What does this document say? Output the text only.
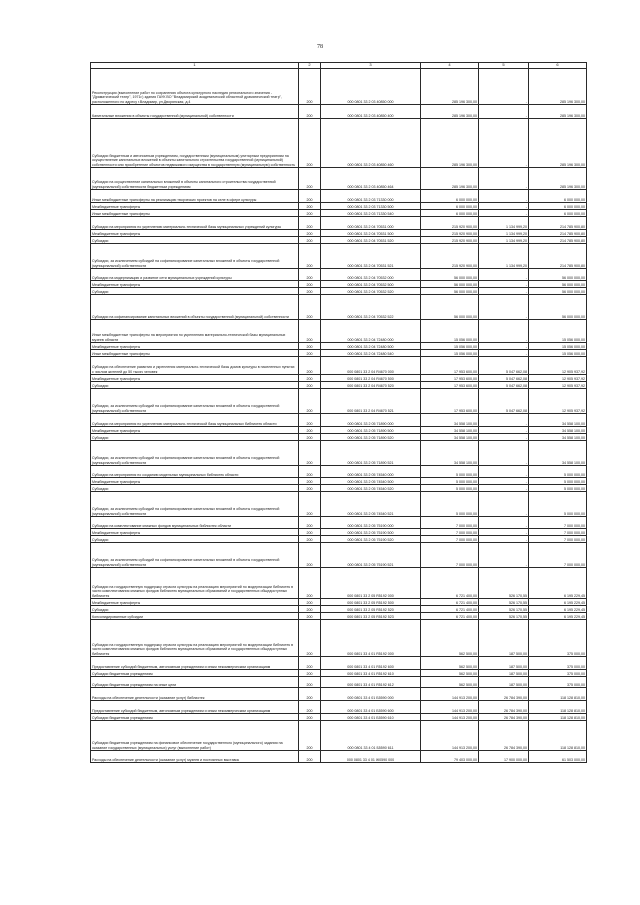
78
1	2	3	4	5	6
Реконструкция (выполнение работ по сохранению объекта культурного наследия регионального значения - "Драматический театр", 1971г.) здания ГАУК ВО "Владимирский академический областной драматический театр", расположенного по адресу г.Владимир, ул.Дворянская, д.4	200	000 0801 33 2 03 40850 000	285 196 300,00	-	285 196 300,00
Капитальные вложения в объекты государственной (муниципальной) собственности	200	000 0801 33 2 03 40850 400	285 196 300,00	-	285 196 300,00
Субсидии бюджетным и автономным учреждениям, государственным (муниципальным) унитарным предприятиям на осуществление капитальных вложений в объекты капитального строительства государственной (муниципальной) собственности или приобретение объектов недвижимого имущества в государственную (муниципальную) собственность	200	000 0801 33 2 03 40850 460	285 196 300,00	-	285 196 300,00
Субсидии на осуществление капитальных вложений в объекты капитального строительства государственной (муниципальной) собственности бюджетным учреждениям	200	000 0801 33 2 03 40850 464	285 196 300,00	-	285 196 300,00
Иные межбюджетные трансферты на реализацию творческих проектов на селе в сфере культуры	200	000 0801 33 2 03 71330 000	6 000 000,00	-	6 000 000,00
Межбюджетные трансферты	200	000 0801 33 2 03 71330 500	6 000 000,00	-	6 000 000,00
Иные межбюджетные трансферты	200	000 0801 33 2 03 71330 540	6 000 000,00	-	6 000 000,00
Субсидии на мероприятия по укреплению материально-технической базы муниципальных учреждений культуры	200	000 0801 33 2 04 70531 000	215 920 900,00	1 134 999,20	214 785 900,80
Межбюджетные трансферты	200	000 0801 33 2 04 70531 500	215 920 900,00	1 134 999,20	214 785 900,80
Субсидии	200	000 0801 33 2 04 70531 520	215 920 900,00	1 134 999,20	214 785 900,80
Субсидии, за исключением субсидий на софинансирование капитальных вложений в объекты государственной (муниципальной) собственности	200	000 0801 33 2 04 70531 521	215 920 900,00	1 134 999,20	214 785 900,80
Субсидии на модернизацию и развитие сети муниципальных учреждений культуры	200	000 0801 33 2 04 70532 000	56 000 000,00	-	56 000 000,00
Межбюджетные трансферты	200	000 0801 33 2 04 70532 500	56 000 000,00	-	56 000 000,00
Субсидии	200	000 0801 33 2 04 70532 520	56 000 000,00	-	56 000 000,00
Субсидии на софинансирование капитальных вложений в объекты государственной (муниципальной) собственности	200	000 0801 33 2 04 70532 522	56 000 000,00	-	56 000 000,00
Иные межбюджетные трансферты на мероприятия по укреплению материально-технической базы муниципальных музеев области	200	000 0801 33 2 04 72480 000	15 056 000,00	-	15 056 000,00
Межбюджетные трансферты	200	000 0801 33 2 04 72480 500	15 056 000,00	-	15 056 000,00
Иные межбюджетные трансферты	200	000 0801 33 2 04 72480 540	15 056 000,00	-	15 056 000,00
Субсидии на обеспечение развития и укрепления материально-технической базы домов культуры в населенных пунктах с числом жителей до 50 тысяч человек	200	000 0801 33 2 04 R4670 000	17 953 600,00	5 047 662,08	12 905 937,92
Межбюджетные трансферты	200	000 0801 33 2 04 R4670 500	17 953 600,00	5 047 662,08	12 905 937,92
Субсидии	200	000 0801 33 2 04 R4670 520	17 953 600,00	5 047 662,08	12 905 937,92
Субсидии, за исключением субсидий на софинансирование капитальных вложений в объекты государственной (муниципальной) собственности	200	000 0801 33 2 04 R4670 521	17 953 600,00	5 047 662,08	12 905 937,92
Субсидии на мероприятия по укреплению материально-технической базы муниципальных библиотек области	200	000 0801 33 2 05 71890 000	34 558 100,00	-	34 558 100,00
Межбюджетные трансферты	200	000 0801 33 2 05 71890 500	34 558 100,00	-	34 558 100,00
Субсидии	200	000 0801 33 2 05 71890 520	34 558 100,00	-	34 558 100,00
Субсидии, за исключением субсидий на софинансирование капитальных вложений в объекты государственной (муниципальной) собственности	200	000 0801 33 2 05 71890 521	34 558 100,00	-	34 558 100,00
Субсидии на мероприятия по созданию модельных муниципальных библиотек области	200	000 0801 33 2 05 74540 000	5 000 000,00	-	5 000 000,00
Межбюджетные трансферты	200	000 0801 33 2 05 74540 500	5 000 000,00	-	5 000 000,00
Субсидии	200	000 0801 33 2 05 74540 520	5 000 000,00	-	5 000 000,00
Субсидии, за исключением субсидий на софинансирование капитальных вложений в объекты государственной (муниципальной) собственности	200	000 0801 33 2 05 74540 521	5 000 000,00	-	5 000 000,00
Субсидии на комплектование книжных фондов муниципальных библиотек области	200	000 0801 33 2 05 75190 000	7 000 000,00	-	7 000 000,00
Межбюджетные трансферты	200	000 0801 33 2 05 75190 500	7 000 000,00	-	7 000 000,00
Субсидии	200	000 0801 33 2 05 75190 520	7 000 000,00	-	7 000 000,00
Субсидии, за исключением субсидий на софинансирование капитальных вложений в объекты государственной (муниципальной) собственности	200	000 0801 33 2 05 75190 521	7 000 000,00	-	7 000 000,00
Субсидии на государственную поддержку отрасли культуры на реализацию мероприятий по модернизации библиотек в части комплектования книжных фондов библиотек муниципальных образований и государственных общедоступных библиотек	200	000 0801 33 2 05 R5192 000	6 721 400,00	526 170,55	6 195 229,45
Межбюджетные трансферты	200	000 0801 33 2 05 R5192 500	6 721 400,00	526 170,55	6 195 229,45
Субсидии	200	000 0801 33 2 05 R5192 520	6 721 400,00	526 170,55	6 195 229,45
Консолидированные субсидии	200	000 0801 33 2 05 R5192 523	6 721 400,00	526 170,55	6 195 229,45
Субсидии на государственную поддержку отрасли культуры на реализацию мероприятий по модернизации библиотек в части комплектования книжных фондов библиотек муниципальных образований и государственных общедоступных библиотек	200	000 0801 33 4 01 R5192 000	562 500,00	187 500,00	375 000,00
Предоставление субсидий бюджетным, автономным учреждениям и иным некоммерческим организациям	200	000 0801 33 4 01 R5192 600	562 500,00	187 500,00	375 000,00
Субсидии бюджетным учреждениям	200	000 0801 33 4 01 R5192 610	562 500,00	187 500,00	375 000,00
Субсидии бюджетным учреждениям на иные цели	200	000 0801 33 4 01 R5192 612	562 500,00	187 500,00	375 000,00
Расходы на обеспечение деятельности (оказание услуг) библиотек	200	000 0801 33 4 01 Б5590 000	144 913 200,00	26 784 390,00	118 128 810,00
Предоставление субсидий бюджетным, автономным учреждениям и иным некоммерческим организациям	200	000 0801 33 4 01 Б5590 600	144 913 200,00	26 784 390,00	118 128 810,00
Субсидии бюджетным учреждениям	200	000 0801 33 4 01 Б5590 610	144 913 200,00	26 784 390,00	118 128 810,00
Субсидии бюджетным учреждениям на финансовое обеспечение государственного (муниципального) задания на оказание государственных (муниципальных) услуг (выполнение работ)	200	000 0801 33 4 01 Б5590 611	144 913 200,00	26 784 390,00	118 128 810,00
Расходы на обеспечение деятельности (оказание услуг) музеев и постоянных выставок	200	000 0801 33 4 01 Ж0590 000	79 403 000,00	17 900 000,00	61 503 000,00
